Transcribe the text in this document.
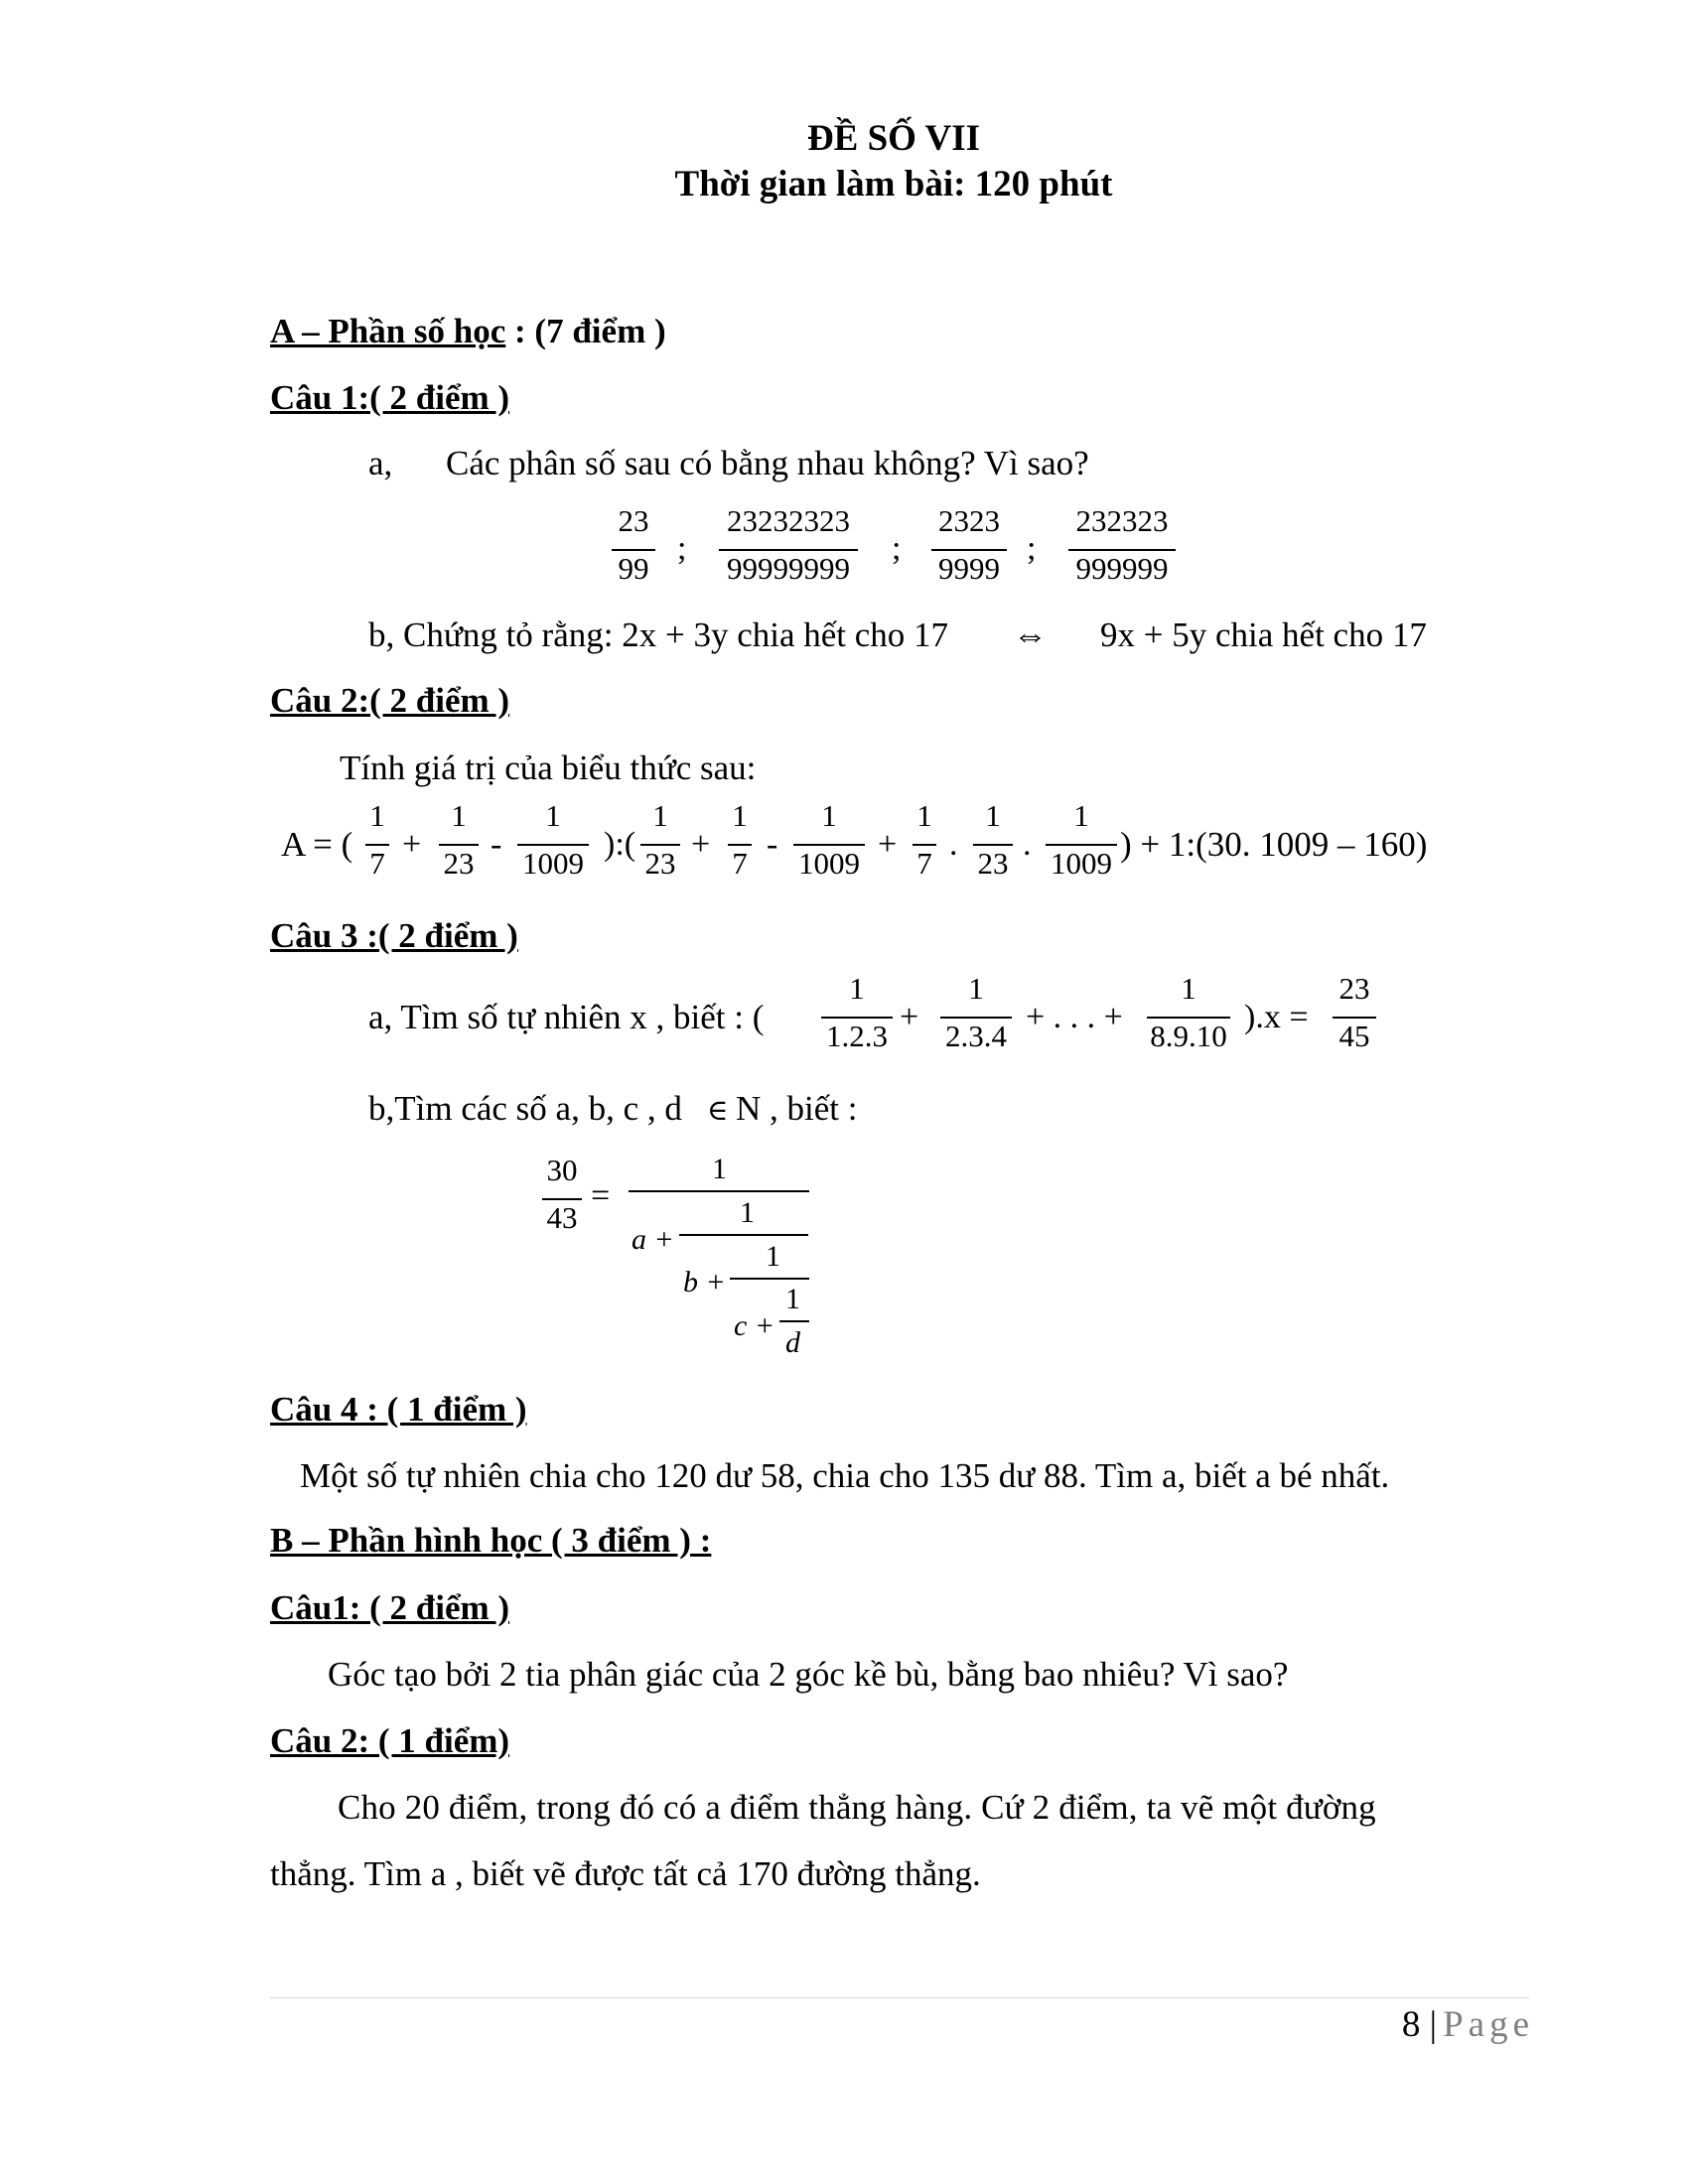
ĐỀ SỐ VII
Thời gian làm bài: 120 phút
A – Phần số học : (7 điểm )
Câu 1:( 2 điểm )
a, Các phân số sau có bằng nhau không? Vì sao?
23
99
;
23232323
99999999
;
2323
9999
;
232323
999999
b, Chứng tỏ rằng: 2x + 3y chia hết cho 17 ⇔ 9x + 5y chia hết cho 17
Câu 2:( 2 điểm )
Tính giá trị của biểu thức sau:
A = (
1
7
+
1
23
-
1
1009
):(
1
23
+
1
7
-
1
1009
+
1
7
.
1
23
.
1
1009 ) + 1:(30. 1009 – 160)
Câu 3 :( 2 điểm )
a, Tìm số tự nhiên x , biết : (
1
1.2.3
+
1
2.3.4
+ . . . +
1
8.9.10
).x =
23
45
b,Tìm các số a, b, c , d ∈ N , biết :
30
43
=
1
a +
1
b +
1
c +
1
d
Câu 4 : ( 1 điểm )
Một số tự nhiên chia cho 120 dư 58, chia cho 135 dư 88. Tìm a, biết a bé nhất.
B – Phần hình học ( 3 điểm ) :
Câu1: ( 2 điểm )
Góc tạo bởi 2 tia phân giác của 2 góc kề bù, bằng bao nhiêu? Vì sao?
Câu 2: ( 1 điểm)
Cho 20 điểm, trong đó có a điểm thẳng hàng. Cứ 2 điểm, ta vẽ một đường
thẳng. Tìm a , biết vẽ được tất cả 170 đường thẳng.
8 | Page
